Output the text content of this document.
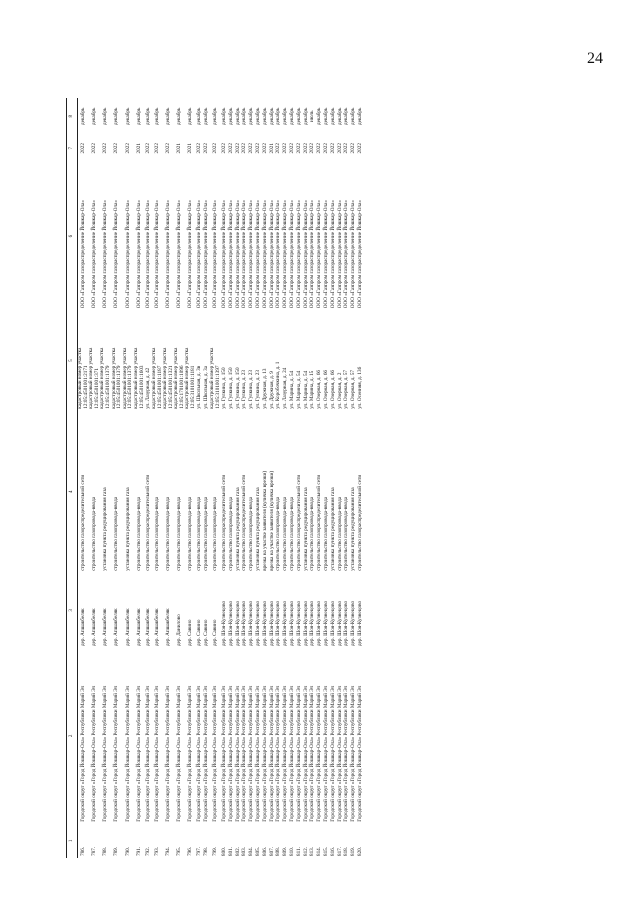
24
1	2	3	4	5	6	7	8
786.	Городской округ «Город Йошкар-Ола» Республики Марий Эл	дер. Апшакбеляк	строительство газораспределительной сети	кадастровый номер участка 12:05:4501001:2171	ООО «Газпром газораспределение Йошкар-Ола»	2022	декабрь
787.	Городской округ «Город Йошкар-Ола» Республики Марий Эл	дер. Апшакбеляк	строительство газопровода-ввода	кадастровый номер участка 12:05:4501001:371	ООО «Газпром газораспределение Йошкар-Ола»	2022	декабрь
788.	Городской округ «Город Йошкар-Ола» Республики Марий Эл	дер. Апшакбеляк	установка пункта редуцирования газа	кадастровый номер участка 12:05:4501001:1379	ООО «Газпром газораспределение Йошкар-Ола»	2022	декабрь
789.	Городской округ «Город Йошкар-Ола» Республики Марий Эл	дер. Апшакбеляк	строительство газопровода-ввода	кадастровый номер участка 12:05:4501001:1379	ООО «Газпром газораспределение Йошкар-Ола»	2022	декабрь
790.	Городской округ «Город Йошкар-Ола» Республики Марий Эл	дер. Апшакбеляк	установка пункта редуцирования газа	кадастровый номер участка 12:05:4501001:1379	ООО «Газпром газораспределение Йошкар-Ола»	2022	декабрь
791.	Городской округ «Город Йошкар-Ола» Республики Марий Эл	дер. Апшакбеляк	строительство газопровода-ввода	кадастровый номер участка 12:05:4501001:1603	ООО «Газпром газораспределение Йошкар-Ола»	2021	декабрь
792.	Городской округ «Город Йошкар-Ола» Республики Марий Эл	дер. Апшакбеляк	строительство газораспределительной сети	ул. Лазурная, д. 42	ООО «Газпром газораспределение Йошкар-Ола»	2022	декабрь
793.	Городской округ «Город Йошкар-Ола» Республики Марий Эл	дер. Апшакбеляк	строительство газопровода-ввода	кадастровый номер участка 12:05:4501001:1187	ООО «Газпром газораспределение Йошкар-Ола»	2022	декабрь
794.	Городской округ «Город Йошкар-Ола» Республики Марий Эл	дер. Апшакбеляк	строительство газопровода-ввода	кадастровый номер участка 12:05:4501001:1321	ООО «Газпром газораспределение Йошкар-Ола»	2022	декабрь
795.	Городской округ «Город Йошкар-Ола» Республики Марий Эл	дер. Данилово	строительство газопровода-ввода	кадастровый номер участка 12:05:1701001:1096	ООО «Газпром газораспределение Йошкар-Ола»	2021	декабрь
796.	Городской округ «Город Йошкар-Ола» Республики Марий Эл	дер. Савино	строительство газопровода-ввода	кадастровый номер участка 12:05:3101001:1181	ООО «Газпром газораспределение Йошкар-Ола»	2021	декабрь
797.	Городской округ «Город Йошкар-Ола» Республики Марий Эл	дер. Савино	строительство газопровода-ввода	ул. Школьная, д. 3в	ООО «Газпром газораспределение Йошкар-Ола»	2022	декабрь
798.	Городской округ «Город Йошкар-Ола» Республики Марий Эл	дер. Савино	строительство газопровода-ввода	ул. Школьная, д. 3а	ООО «Газпром газораспределение Йошкар-Ола»	2022	декабрь
799.	Городской округ «Город Йошкар-Ола» Республики Марий Эл	дер. Савино	строительство газопровода-ввода	кадастровый номер участка 12:05:3101001:1397	ООО «Газпром газораспределение Йошкар-Ола»	2022	декабрь
800.	Городской округ «Город Йошкар-Ола» Республики Марий Эл	дер. Шоя-Кузнецово	строительство газораспределительной сети	ул. Гулкина, д. 150	ООО «Газпром газораспределение Йошкар-Ола»	2022	декабрь
801.	Городской округ «Город Йошкар-Ола» Республики Марий Эл	дер. Шоя-Кузнецово	строительство газопровода-ввода	ул. Гулкина, д. 150	ООО «Газпром газораспределение Йошкар-Ола»	2022	декабрь
802.	Городской округ «Город Йошкар-Ола» Республики Марий Эл	дер. Шоя-Кузнецово	установка пункта редуцирования газа	ул. Гулкина, д. 150	ООО «Газпром газораспределение Йошкар-Ола»	2022	декабрь
803.	Городской округ «Город Йошкар-Ола» Республики Марий Эл	дер. Шоя-Кузнецово	строительство газораспределительной сети	ул. Гулкина, д. 23	ООО «Газпром газораспределение Йошкар-Ола»	2022	декабрь
804.	Городской округ «Город Йошкар-Ола» Республики Марий Эл	дер. Шоя-Кузнецово	строительство газопровода-ввода	ул. Гулкина, д. 23	ООО «Газпром газораспределение Йошкар-Ола»	2022	декабрь
805.	Городской округ «Город Йошкар-Ола» Республики Марий Эл	дер. Шоя-Кузнецово	установка пункта редуцирования газа	ул. Гулкина, д. 23	ООО «Газпром газораспределение Йошкар-Ола»	2022	декабрь
806.	Городской округ «Город Йошкар-Ола» Республики Марий Эл	дер. Шоя-Кузнецово	врезка на участке заявителя (куличка врезки)	ул. Дружная, д. 13	ООО «Газпром газораспределение Йошкар-Ола»	2022	декабрь
807.	Городской округ «Город Йошкар-Ола» Республики Марий Эл	дер. Шоя-Кузнецово	врезка на участке заявителя (куличка врезки)	ул. Дружная, д. 9	ООО «Газпром газораспределение Йошкар-Ола»	2021	декабрь
808.	Городской округ «Город Йошкар-Ола» Республики Марий Эл	дер. Шоя-Кузнецово	строительство газопровода-ввода	ул. Коробочкина, д. 1	ООО «Газпром газораспределение Йошкар-Ола»	2022	декабрь
809.	Городской округ «Город Йошкар-Ола» Республики Марий Эл	дер. Шоя-Кузнецово	строительство газопровода-ввода	ул. Лазурная, д. 24	ООО «Газпром газораспределение Йошкар-Ола»	2022	декабрь
810.	Городской округ «Город Йошкар-Ола» Республики Марий Эл	дер. Шоя-Кузнецово	строительство газопровода-ввода	ул. Марина, д. 54	ООО «Газпром газораспределение Йошкар-Ола»	2022	декабрь
811.	Городской округ «Город Йошкар-Ола» Республики Марий Эл	дер. Шоя-Кузнецово	строительство газораспределительной сети	ул. Марина, д. 54	ООО «Газпром газораспределение Йошкар-Ола»	2022	декабрь
812.	Городской округ «Город Йошкар-Ола» Республики Марий Эл	дер. Шоя-Кузнецово	установка пункта редуцирования газа	ул. Марина, д. 54	ООО «Газпром газораспределение Йошкар-Ола»	2022	декабрь
813.	Городской округ «Город Йошкар-Ола» Республики Марий Эл	дер. Шоя-Кузнецово	строительство газопровода-ввода	ул. Марина, д. 15	ООО «Газпром газораспределение Йошкар-Ола»	2022	июль
814.	Городской округ «Город Йошкар-Ола» Республики Марий Эл	дер. Шоя-Кузнецово	строительство газораспределительной сети	ул. Озерная, д. 66	ООО «Газпром газораспределение Йошкар-Ола»	2022	декабрь
815.	Городской округ «Город Йошкар-Ола» Республики Марий Эл	дер. Шоя-Кузнецово	строительство газопровода-ввода	ул. Озерная, д. 66	ООО «Газпром газораспределение Йошкар-Ола»	2022	декабрь
816.	Городской округ «Город Йошкар-Ола» Республики Марий Эл	дер. Шоя-Кузнецово	установка пункта редуцирования газа	ул. Озерная, д. 66	ООО «Газпром газораспределение Йошкар-Ола»	2022	декабрь
817.	Городской округ «Город Йошкар-Ола» Республики Марий Эл	дер. Шоя-Кузнецово	строительство газопровода-ввода	ул. Озерная, д. 2	ООО «Газпром газораспределение Йошкар-Ола»	2022	декабрь
818.	Городской округ «Город Йошкар-Ола» Республики Марий Эл	дер. Шоя-Кузнецово	строительство газопровода-ввода	ул. Озерная, д. 57	ООО «Газпром газораспределение Йошкар-Ола»	2022	декабрь
819.	Городской округ «Город Йошкар-Ола» Республики Марий Эл	дер. Шоя-Кузнецово	установка пункта редуцирования газа	ул. Озерная, д. 57	ООО «Газпром газораспределение Йошкар-Ола»	2022	декабрь
820.	Городской округ «Город Йошкар-Ола» Республики Марий Эл	дер. Шоя-Кузнецово	строительство газораспределительной сети	ул. Осенняя, д. 136	ООО «Газпром газораспределение Йошкар-Ола»	2022	декабрь
